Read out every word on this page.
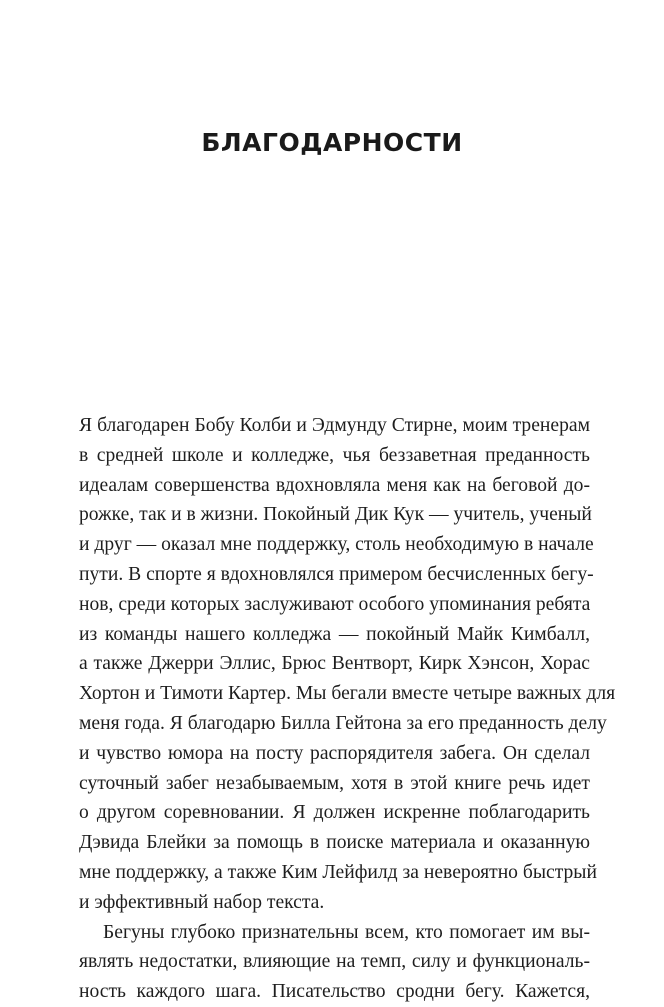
БЛАГОДАРНОСТИ
Я благодарен Бобу Колби и Эдмунду Стирне, моим тренерам
в средней школе и колледже, чья беззаветная преданность
идеалам совершенства вдохновляла меня как на беговой до-
рожке, так и в жизни. Покойный Дик Кук — учитель, ученый
и друг — оказал мне поддержку, столь необходимую в начале
пути. В спорте я вдохновлялся примером бесчисленных бегу-
нов, среди которых заслуживают особого упоминания ребята
из команды нашего колледжа — покойный Майк Кимбалл,
а также Джерри Эллис, Брюс Вентворт, Кирк Хэнсон, Хорас
Хортон и Тимоти Картер. Мы бегали вместе четыре важных для
меня года. Я благодарю Билла Гейтона за его преданность делу
и чувство юмора на посту распорядителя забега. Он сделал
суточный забег незабываемым, хотя в этой книге речь идет
о другом соревновании. Я должен искренне поблагодарить
Дэвида Блейки за помощь в поиске материала и оказанную
мне поддержку, а также Ким Лейфилд за невероятно быстрый
и эффективный набор текста.
Бегуны глубоко признательны всем, кто помогает им вы-
являть недостатки, влияющие на темп, силу и функциональ-
ность каждого шага. Писательство сродни бегу. Кажется,
